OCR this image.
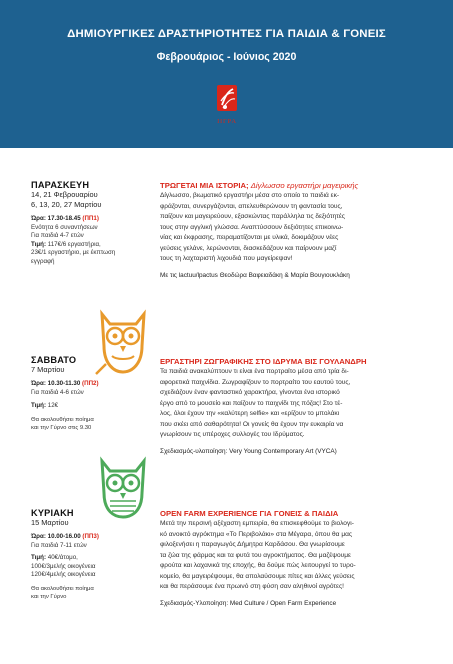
ΔΗΜΙΟΥΡΓΙΚΕΣ ΔΡΑΣΤΗΡΙΟΤΗΤΕΣ ΓΙΑ ΠΑΙΔΙΑ & ΓΟΝΕΙΣ
Φεβρουάριος - Ιούνιος 2020
ΙΙΓΡΑ
ΠΑΡΑΣΚΕΥΗ
14, 21 Φεβρουαρίου
6, 13, 20, 27 Μαρτίου
Ώρα: 17.30-18.45 (ΠΠ1)
Ενότητα 6 συναντήσεων
Για παιδιά 4-7 ετών
Τιμή: 117€/6 εργαστήρια,
23€/1 εργαστήριο, με έκπτωση
εγγραφή
ΤΡΩΓΕΤΑΙ ΜΙΑ ΙΣΤΟΡΙΑ; Δίγλωσσο εργαστήρι μαγειρικής
Δίγλωσσο, βιωματικό εργαστήρι μέσα στο οποίο το παιδιά εκ-
φράζονται, συνεργάζονται, απελευθερώνουν τη φαντασία τους,
παίζουν και μαγειρεύουν, εξασκώντας παράλληλα τις δεξιότητές
τους στην αγγλική γλώσσα. Αναπτύσσουν δεξιότητες επικοινω-
νίας και έκφρασης, πειραματίζονται με υλικά, δοκιμάζουν νέες
γεύσεις γελάνε, λερώνονται, διασκεδάζουν και παίρνουν μαζί
τους τη λαχταριστή λιχουδιά που μαγείρεψαν!
Με τις lactuu/lpactus Θεοδώρα Βαφειαδάκη & Μαρία Βουγιουκλάκη
ΣΑΒΒΑΤΟ
7 Μαρτίου
Ώρα: 10.30-11.30 (ΠΠ2)
Για παιδιά 4-6 ετών
Τιμή: 12€
Θα ακολουθήσει ποίημα
και την Γύρνο στις 9.30
ΕΡΓΑΣΤΗΡΙ ΖΩΓΡΑΦΙΚΗΣ ΣΤΟ ΙΔΡΥΜΑ ΒΙΣ ΓΟΥΛΑΝΔΡΗ
Τα παιδιά ανακαλύπτουν τι είναι ένα πορτραίτο μέσα από τρία δι-
αφορετικά παιχνίδια. Ζωγραφίζουν το πορτραίτο του εαυτού τους,
σχεδιάζουν έναν φανταστικό χαρακτήρα, γίνονται ένα ιστορικό
έργο από το μουσείο και παίζουν το παιχνίδι της πόζας! Στο τέ-
λος, όλοι έχουν την «καλύτερη selfie» και «ερίζουν το μπολάκι
που σκέει από σαθαρότητα! Οι γονείς θα έχουν την ευκαιρία να
γνωρίσουν τις υπέροχες συλλογές του Ιδρύματος.
Σχεδιασμός-υλοποίηση: Very Young Contemporary Art (VYCA)
ΚΥΡΙΑΚΗ
15 Μαρτίου
Ώρα: 10.00-16.00 (ΠΠ3)
Για παιδιά 7-11 ετών
Τιμή: 40€/άτομο,
100€/3μελής οικογένεια
120€/4μελής οικογένεια
Θα ακολουθήσει ποίημα
και την Γύρνο
OPEN FARM EXPERIENCE ΓΙΑ ΓΟΝΕΙΣ & ΠΑΙΔΙΑ
Μετά την περσινή αξέχαστη εμπειρία, θα επισκεφθούμε το βιολογι-
κό ανοικτό αγρόκτημα «Το Περιβολάκι» στα Μέγαρα, όπου θα μας
φιλοξενήσει η παραγωγός Δήμητρα Καρδάσου. Θα γνωρίσουμε
τα ζώα της φάρμας και τα φυτά του αγροκτήματος. Θα μαζέψουμε
φρούτα και λαχανικά της εποχής, θα δούμε πώς λειτουργεί το τυρο-
κομείο, θα μαγειρέψουμε, θα απολαύσουμε πίτες και άλλες γεύσεις
και θα περάσουμε ένα πρωινό στη φύση σαν αληθινοί αγρότες!
Σχεδιασμός-Υλοποίηση: Med Culture / Open Farm Experience
